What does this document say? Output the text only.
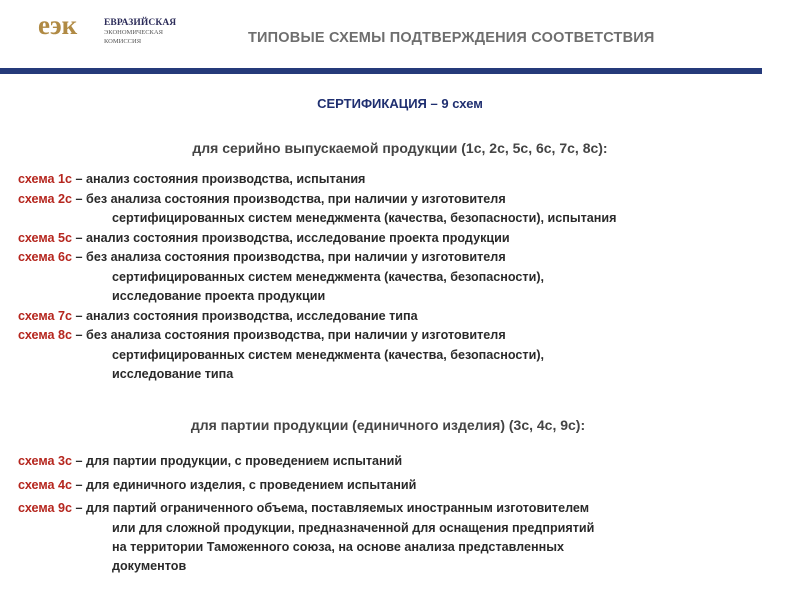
еэк	ЕВРАЗИЙСКАЯ
ЭКОНОМИЧЕСКАЯ
КОМИССИЯ	ТИПОВЫЕ СХЕМЫ ПОДТВЕРЖДЕНИЯ СООТВЕТСТВИЯ
СЕРТИФИКАЦИЯ – 9 схем
для серийно выпускаемой продукции (1с, 2с, 5с, 6с, 7с, 8с):
схема 1с – анализ состояния производства, испытания
схема 2с – без анализа состояния производства, при наличии у изготовителя
сертифицированных систем менеджмента (качества, безопасности), испытания
схема 5с – анализ состояния производства, исследование проекта продукции
схема 6с – без анализа состояния производства, при наличии у изготовителя
сертифицированных систем менеджмента (качества, безопасности),
исследование проекта продукции
схема 7с – анализ состояния производства, исследование типа
схема 8с – без анализа состояния производства, при наличии у изготовителя
сертифицированных систем менеджмента (качества, безопасности),
исследование типа
для партии продукции (единичного изделия) (3с, 4с, 9с):
схема 3с – для партии продукции, с проведением испытаний
схема 4с – для единичного изделия, с проведением испытаний
схема 9с – для партий ограниченного объема, поставляемых иностранным изготовителем
или для сложной продукции, предназначенной для оснащения предприятий
на территории Таможенного союза, на основе анализа представленных
документов
